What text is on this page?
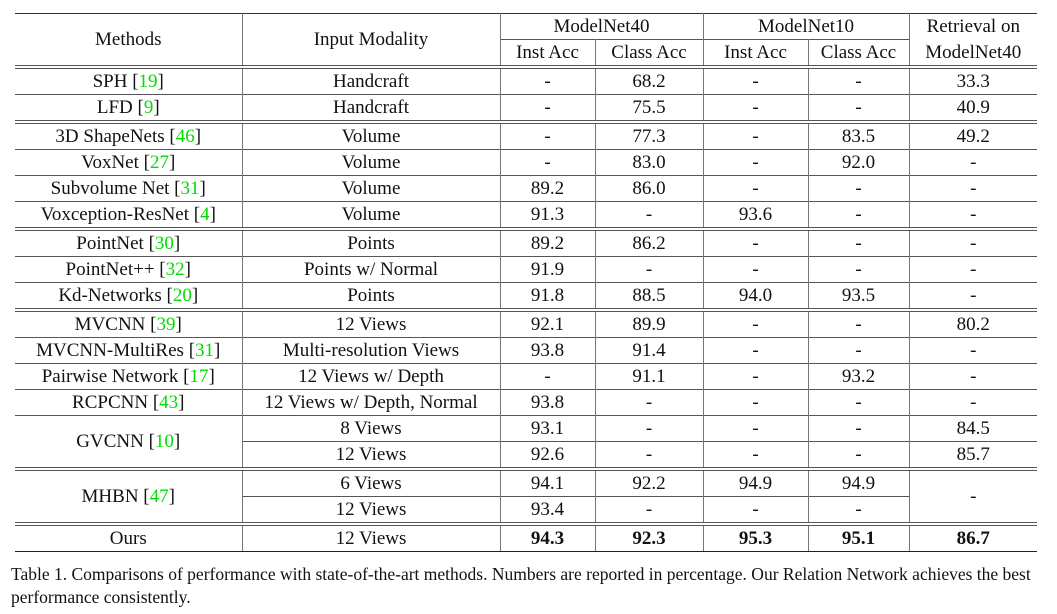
Methods	Input Modality	ModelNet40		ModelNet10		Retrieval on
		Inst Acc	Class Acc	Inst Acc	Class Acc	ModelNet40
SPH [19]	Handcraft	-	68.2	-	-	33.3
LFD [9]	Handcraft	-	75.5	-	-	40.9
3D ShapeNets [46]	Volume	-	77.3	-	83.5	49.2
VoxNet [27]	Volume	-	83.0	-	92.0	-
Subvolume Net [31]	Volume	89.2	86.0	-	-	-
Voxception-ResNet [4]	Volume	91.3	-	93.6	-	-
PointNet [30]	Points	89.2	86.2	-	-	-
PointNet++ [32]	Points w/ Normal	91.9	-	-	-	-
Kd-Networks [20]	Points	91.8	88.5	94.0	93.5	-
MVCNN [39]	12 Views	92.1	89.9	-	-	80.2
MVCNN-MultiRes [31]	Multi-resolution Views	93.8	91.4	-	-	-
Pairwise Network [17]	12 Views w/ Depth	-	91.1	-	93.2	-
RCPCNN [43]	12 Views w/ Depth, Normal	93.8	-	-	-	-
GVCNN [10]	8 Views	93.1	-	-	-	84.5
	12 Views	92.6	-	-	-	85.7
MHBN [47]	6 Views	94.1	92.2	94.9	94.9	-
	12 Views	93.4	-	-	-	
Ours	12 Views	94.3	92.3	95.3	95.1	86.7
Table 1. Comparisons of performance with state-of-the-art methods. Numbers are reported in percentage. Our Relation Network achieves the best performance consistently.
